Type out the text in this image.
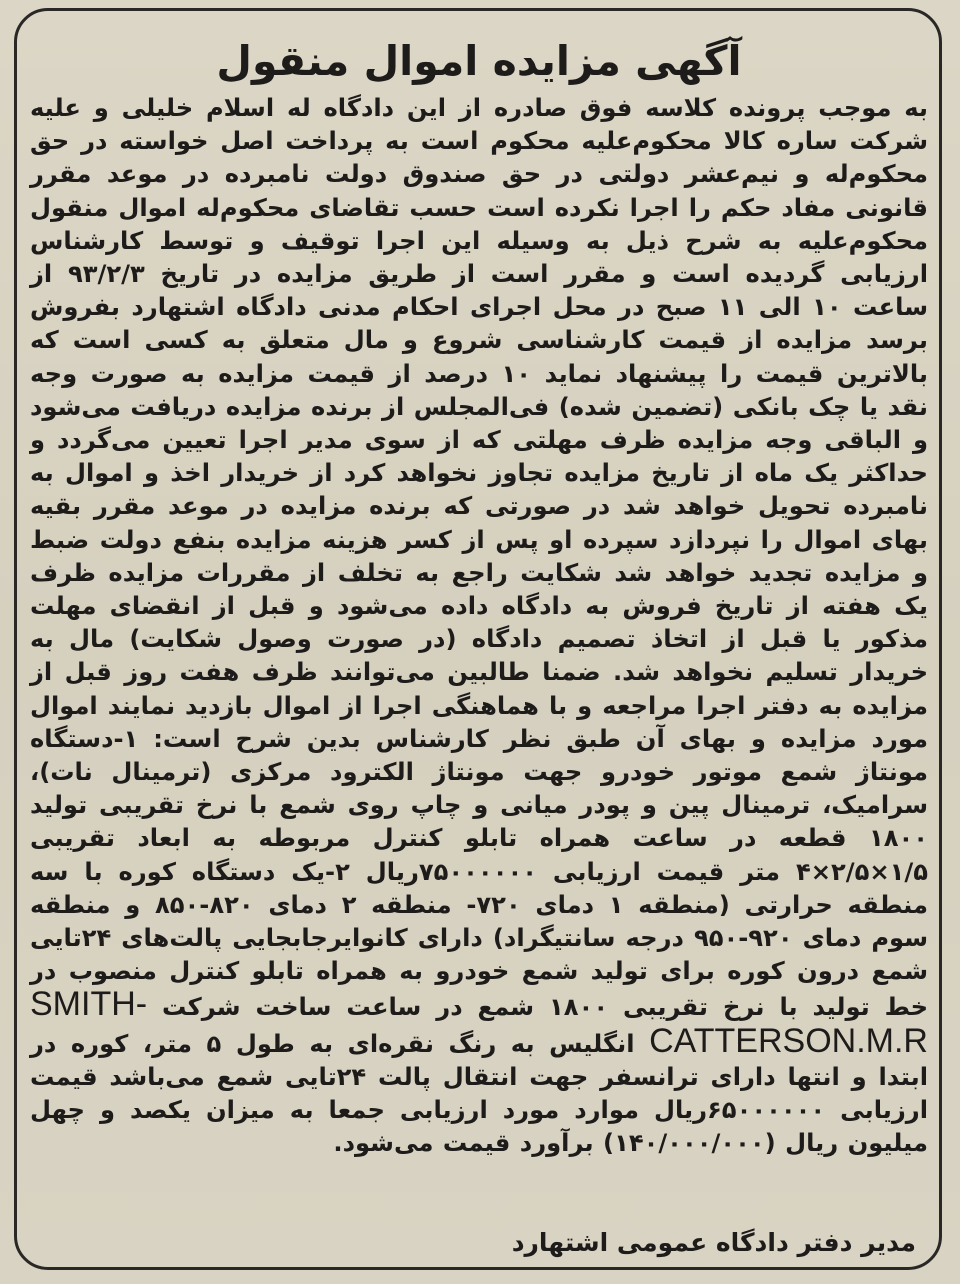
آگهی مزایده اموال منقول

به موجب پرونده کلاسه فوق صادره از این دادگاه له اسلام خلیلی و علیه شرکت ساره کالا محکوم‌علیه محکوم است به پرداخت اصل خواسته در حق محکوم‌له و نیم‌عشر دولتی در حق صندوق دولت نامبرده در موعد مقرر قانونی مفاد حکم را اجرا نکرده است حسب تقاضای محکوم‌له اموال منقول محکوم‌علیه به شرح ذیل به وسیله این اجرا توقیف و توسط کارشناس ارزیابی گردیده است و مقرر است از طریق مزایده در تاریخ ۹۳/۲/۳ از ساعت ۱۰ الی ۱۱ صبح در محل اجرای احکام مدنی دادگاه اشتهارد بفروش برسد مزایده از قیمت کارشناسی شروع و مال متعلق به کسی است که بالاترین قیمت را پیشنهاد نماید ۱۰ درصد از قیمت مزایده به صورت وجه نقد یا چک بانکی (تضمین شده) فی‌المجلس از برنده مزایده دریافت می‌شود و الباقی وجه مزایده ظرف مهلتی که از سوی مدیر اجرا تعیین می‌گردد و حداکثر یک ماه از تاریخ مزایده تجاوز نخواهد کرد از خریدار اخذ و اموال به نامبرده تحویل خواهد شد در صورتی که برنده مزایده در موعد مقرر بقیه بهای اموال را نپردازد سپرده او پس از کسر هزینه مزایده بنفع دولت ضبط و مزایده تجدید خواهد شد شکایت راجع به تخلف از مقررات مزایده ظرف یک هفته از تاریخ فروش به دادگاه داده می‌شود و قبل از انقضای مهلت مذکور یا قبل از اتخاذ تصمیم دادگاه (در صورت وصول شکایت) مال به خریدار تسلیم نخواهد شد. ضمنا طالبین می‌توانند ظرف هفت روز قبل از مزایده به دفتر اجرا مراجعه و با هماهنگی اجرا از اموال بازدید نمایند اموال مورد مزایده و بهای آن طبق نظر کارشناس بدین شرح است: ۱-دستگاه مونتاژ شمع موتور خودرو جهت مونتاژ الکترود مرکزی (ترمینال نات)، سرامیک، ترمینال پین و پودر میانی و چاپ روی شمع با نرخ تقریبی تولید ۱۸۰۰ قطعه در ساعت همراه تابلو کنترل مربوطه به ابعاد تقریبی ۱/۵×۲/۵×۴ متر قیمت ارزیابی ۷۵۰۰۰۰۰۰ریال ۲-یک دستگاه کوره با سه منطقه حرارتی (منطقه ۱ دمای ۷۲۰- منطقه ۲ دمای ۸۲۰-۸۵۰ و منطقه سوم دمای ۹۲۰-۹۵۰ درجه سانتیگراد) دارای کانوایرجابجایی پالت‌های ۲۴تایی شمع درون کوره برای تولید شمع خودرو به همراه تابلو کنترل منصوب در خط تولید با نرخ تقریبی ۱۸۰۰ شمع در ساعت ساخت شرکت SMITH-CATTERSON.M.R انگلیس به رنگ نقره‌ای به طول ۵ متر، کوره در ابتدا و انتها دارای ترانسفر جهت انتقال پالت ۲۴تایی شمع می‌باشد قیمت ارزیابی ۶۵۰۰۰۰۰۰ریال موارد مورد ارزیابی جمعا به میزان یکصد و چهل میلیون ریال (۱۴۰/۰۰۰/۰۰۰) برآورد قیمت می‌شود.

مدیر دفتر دادگاه عمومی اشتهارد
